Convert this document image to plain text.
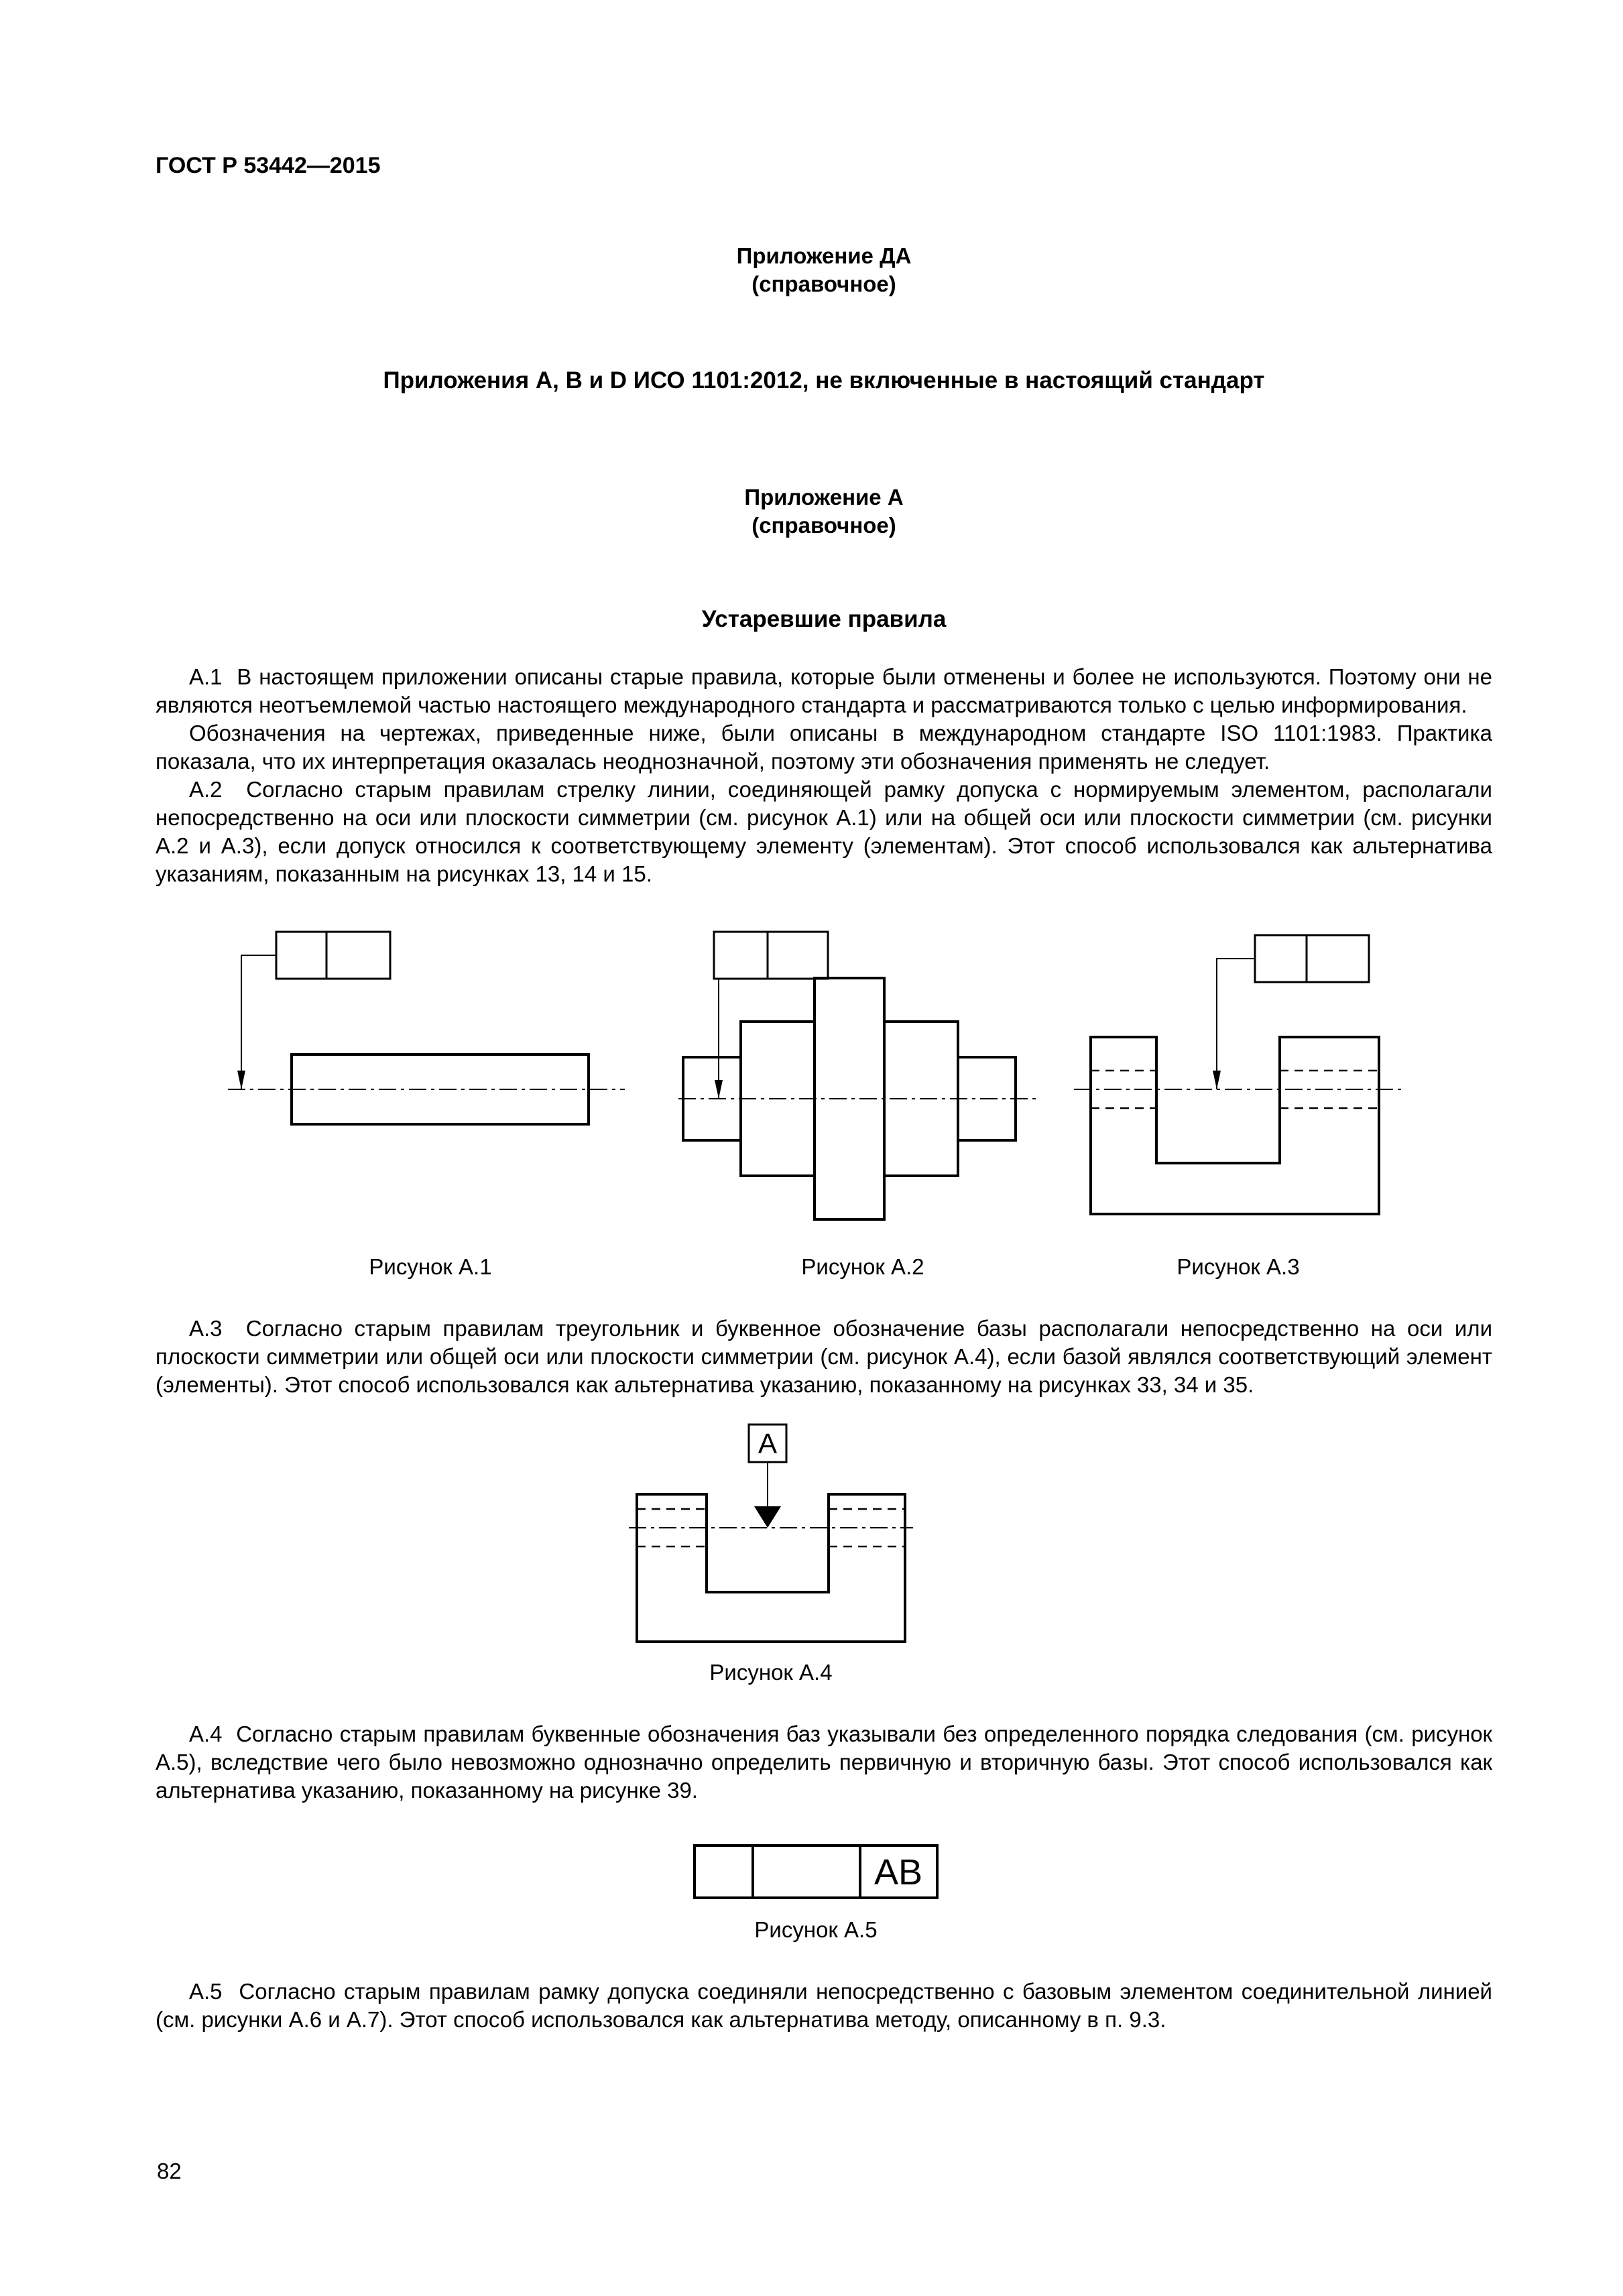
ГОСТ Р 53442—2015
Приложение ДА
(справочное)
Приложения А, В и D ИСО 1101:2012, не включенные в настоящий стандарт
Приложение А
(справочное)
Устаревшие правила

А.1  В настоящем приложении описаны старые правила, которые были отменены и более не используются. Поэтому они не являются неотъемлемой частью настоящего международного стандарта и рассматриваются только с целью информирования.

Обозначения на чертежах, приведенные ниже, были описаны в международном стандарте ISO 1101:1983. Практика показала, что их интерпретация оказалась неоднозначной, поэтому эти обозначения применять не следует.

А.2  Согласно старым правилам стрелку линии, соединяющей рамку допуска с нормируемым элементом, располагали непосредственно на оси или плоскости симметрии (см. рисунок А.1) или на общей оси или плоскости симметрии (см. рисунки А.2 и А.3), если допуск относился к соответствующему элементу (элементам). Этот способ использовался как альтернатива указаниям, показанным на рисунках 13, 14 и 15.

Рисунок А.1	Рисунок А.2	Рисунок А.3

А.3  Согласно старым правилам треугольник и буквенное обозначение базы располагали непосредственно на оси или плоскости симметрии или общей оси или плоскости симметрии (см. рисунок А.4), если базой являлся соответствующий элемент (элементы). Этот способ использовался как альтернатива указанию, показанному на рисунках 33, 34 и 35.

А
Рисунок А.4

А.4  Согласно старым правилам буквенные обозначения баз указывали без определенного порядка следования (см. рисунок А.5), вследствие чего было невозможно однозначно определить первичную и вторичную базы. Этот способ использовался как альтернатива указанию, показанному на рисунке 39.

АВ
Рисунок А.5

А.5  Согласно старым правилам рамку допуска соединяли непосредственно с базовым элементом соединительной линией (см. рисунки А.6 и А.7). Этот способ использовался как альтернатива методу, описанному в п. 9.3.

82
